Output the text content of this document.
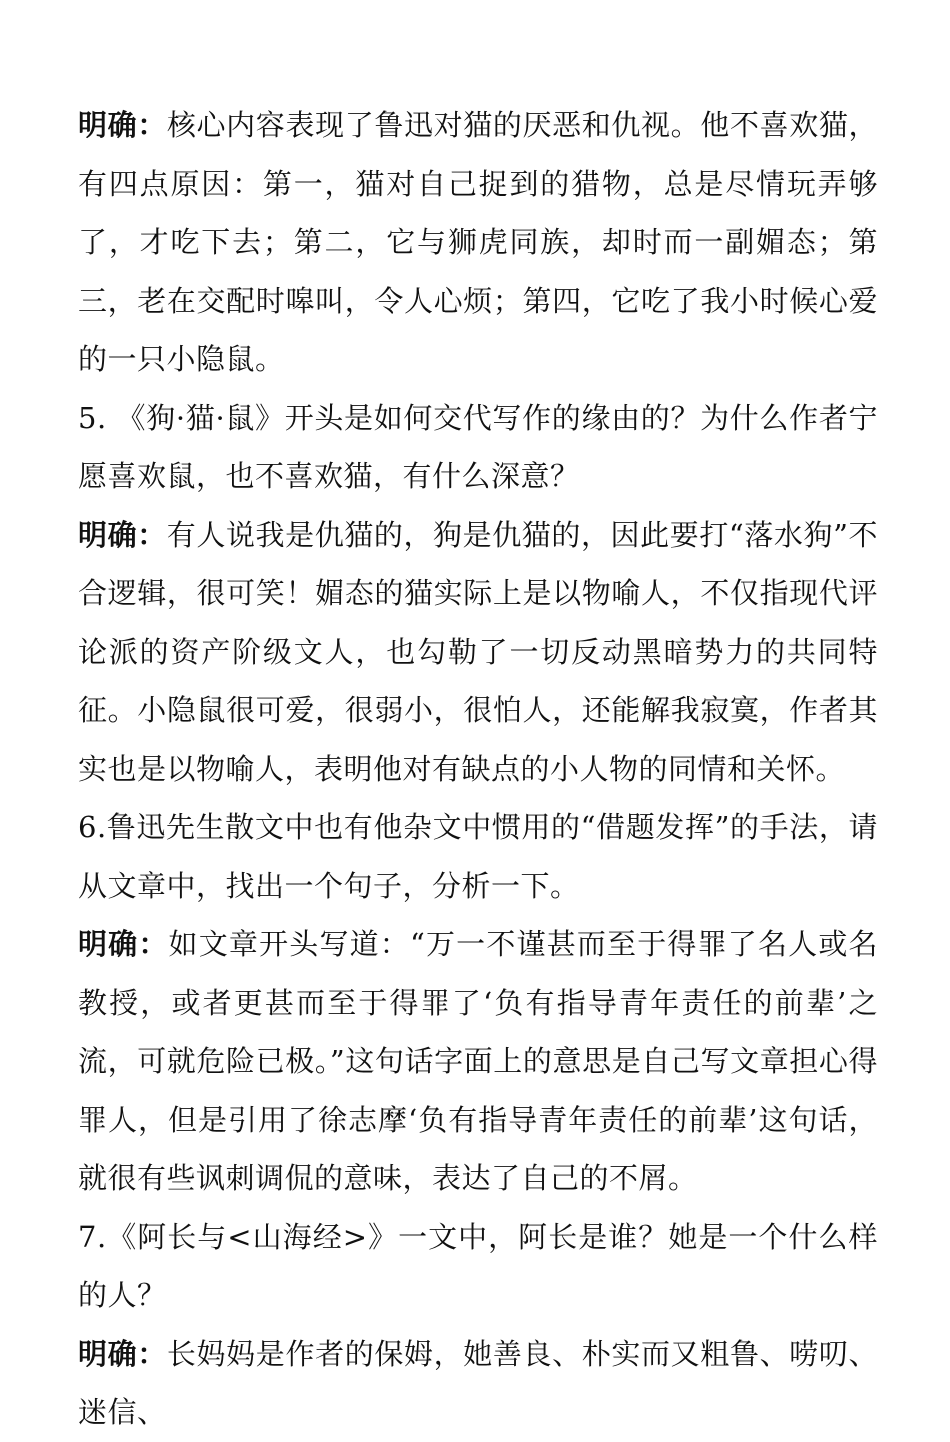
明确：核心内容表现了鲁迅对猫的厌恶和仇视。他不喜欢猫，有四点原因：第一，猫对自己捉到的猎物，总是尽情玩弄够了，才吃下去；第二，它与狮虎同族，却时而一副媚态；第三，老在交配时嗥叫，令人心烦；第四，它吃了我小时候心爱的一只小隐鼠。

5. 《狗·猫·鼠》开头是如何交代写作的缘由的？为什么作者宁愿喜欢鼠，也不喜欢猫，有什么深意？

明确：有人说我是仇猫的，狗是仇猫的，因此要打“落水狗”不合逻辑，很可笑！媚态的猫实际上是以物喻人，不仅指现代评论派的资产阶级文人，也勾勒了一切反动黑暗势力的共同特征。小隐鼠很可爱，很弱小，很怕人，还能解我寂寞，作者其实也是以物喻人，表明他对有缺点的小人物的同情和关怀。

6.鲁迅先生散文中也有他杂文中惯用的“借题发挥”的手法，请从文章中，找出一个句子，分析一下。

明确：如文章开头写道：“万一不谨甚而至于得罪了名人或名教授，或者更甚而至于得罪了‘负有指导青年责任的前辈’之流，可就危险已极。”这句话字面上的意思是自己写文章担心得罪人，但是引用了徐志摩‘负有指导青年责任的前辈’这句话，就很有些讽刺调侃的意味，表达了自己的不屑。

7.《阿长与<山海经>》一文中，阿长是谁？她是一个什么样的人？

明确：长妈妈是作者的保姆，她善良、朴实而又粗鲁、唠叨、迷信、
